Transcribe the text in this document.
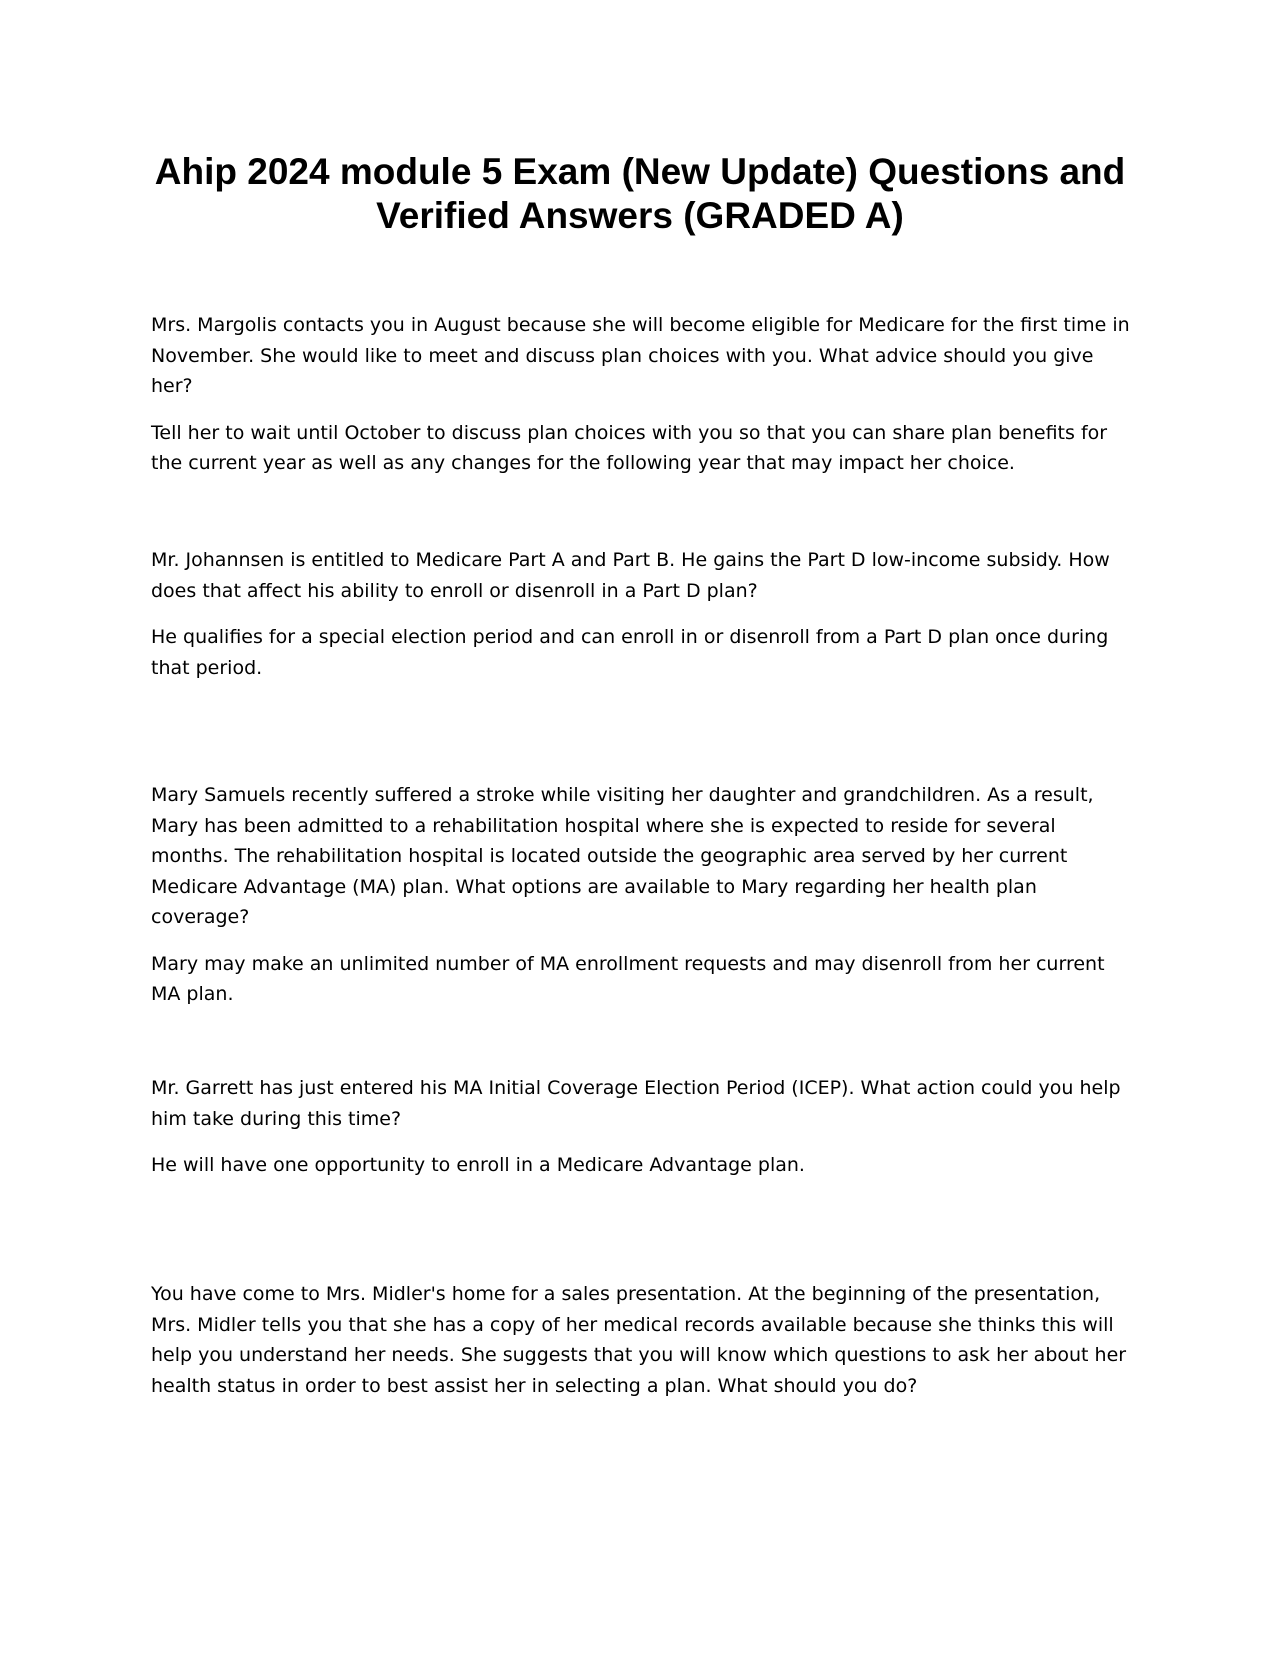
Ahip 2024 module 5 Exam (New Update) Questions and Verified Answers (GRADED A)

Mrs. Margolis contacts you in August because she will become eligible for Medicare for the first time in November. She would like to meet and discuss plan choices with you. What advice should you give her?

Tell her to wait until October to discuss plan choices with you so that you can share plan benefits for the current year as well as any changes for the following year that may impact her choice.

Mr. Johannsen is entitled to Medicare Part A and Part B. He gains the Part D low-income subsidy. How does that affect his ability to enroll or disenroll in a Part D plan?

He qualifies for a special election period and can enroll in or disenroll from a Part D plan once during that period.

Mary Samuels recently suffered a stroke while visiting her daughter and grandchildren. As a result, Mary has been admitted to a rehabilitation hospital where she is expected to reside for several months. The rehabilitation hospital is located outside the geographic area served by her current Medicare Advantage (MA) plan. What options are available to Mary regarding her health plan coverage?

Mary may make an unlimited number of MA enrollment requests and may disenroll from her current MA plan.

Mr. Garrett has just entered his MA Initial Coverage Election Period (ICEP). What action could you help him take during this time?

He will have one opportunity to enroll in a Medicare Advantage plan.

You have come to Mrs. Midler's home for a sales presentation. At the beginning of the presentation, Mrs. Midler tells you that she has a copy of her medical records available because she thinks this will help you understand her needs. She suggests that you will know which questions to ask her about her health status in order to best assist her in selecting a plan. What should you do?
